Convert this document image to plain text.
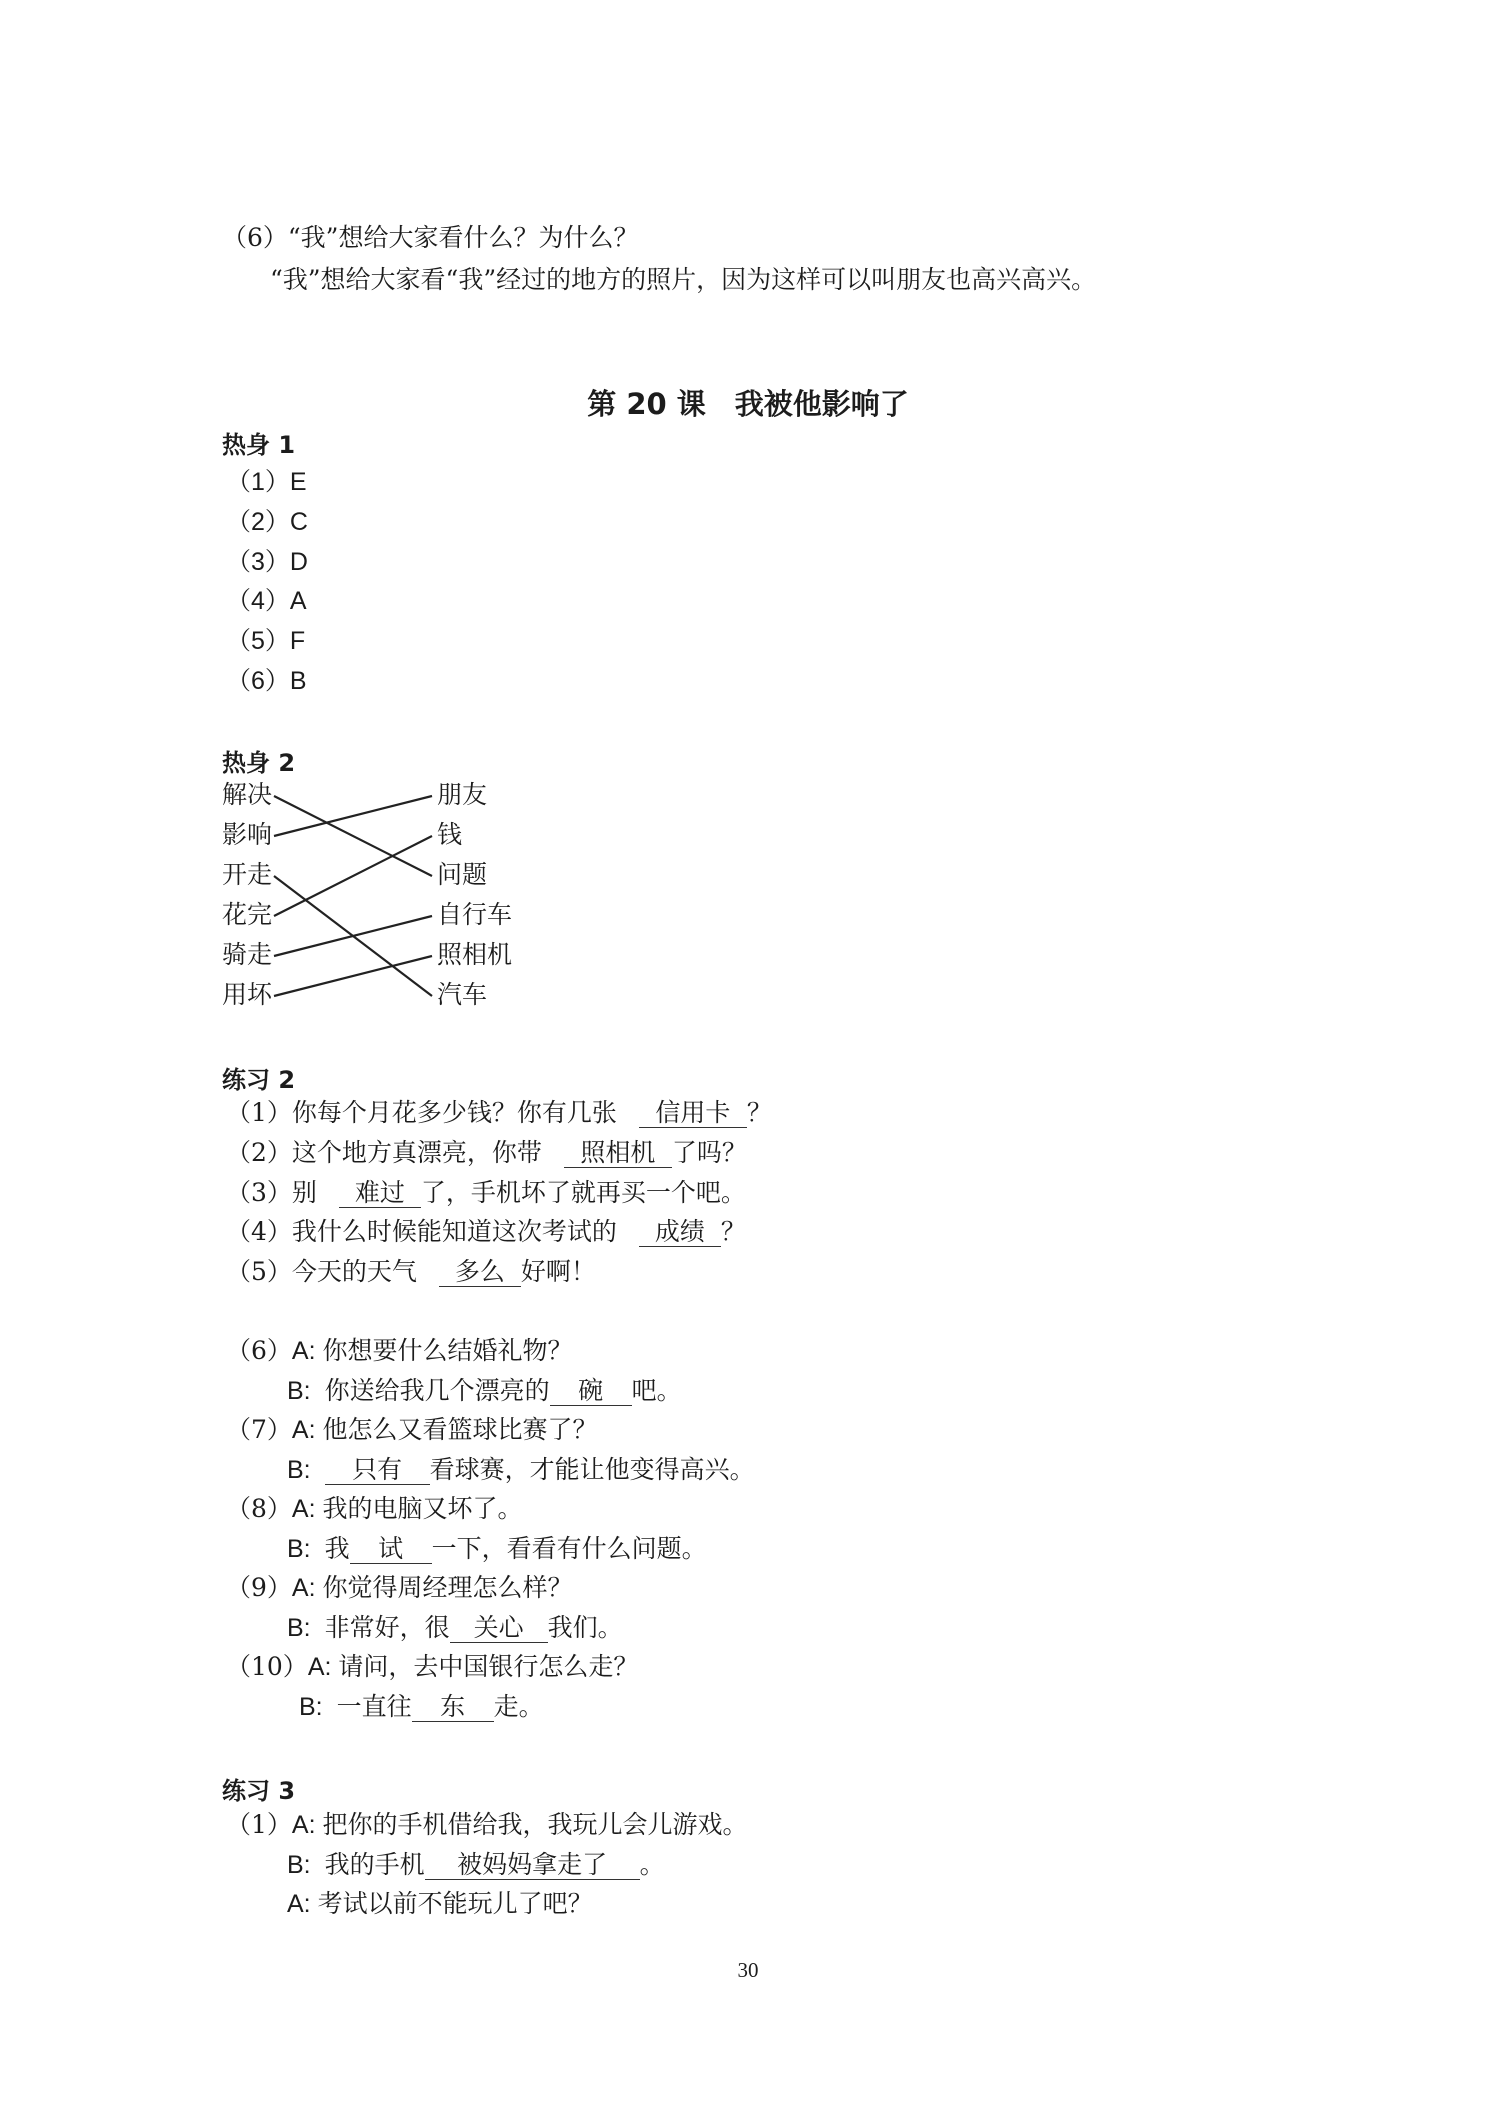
（6）“我”想给大家看什么？为什么？
“我”想给大家看“我”经过的地方的照片，因为这样可以叫朋友也高兴高兴。
第 20 课　我被他影响了
热身 1
（1）E
（2）C
（3）D
（4）A
（5）F
（6）B
热身 2
解决
影响
开走
花完
骑走
用坏
朋友
钱
问题
自行车
照相机
汽车
练习 2
（1）你每个月花多少钱？你有几张 信用卡 ？
（2）这个地方真漂亮，你带 照相机 了吗？
（3）别 难过 了，手机坏了就再买一个吧。
（4）我什么时候能知道这次考试的 成绩 ？
（5）今天的天气 多么 好啊！
（6）A: 你想要什么结婚礼物？
B: 你送给我几个漂亮的 碗 吧。
（7）A: 他怎么又看篮球比赛了？
B: 只有 看球赛，才能让他变得高兴。
（8）A: 我的电脑又坏了。
B: 我 试 一下，看看有什么问题。
（9）A: 你觉得周经理怎么样？
B: 非常好，很 关心 我们。
（10）A: 请问，去中国银行怎么走？
B: 一直往 东 走。
练习 3
（1）A: 把你的手机借给我，我玩儿会儿游戏。
B: 我的手机 被妈妈拿走了 。
A: 考试以前不能玩儿了吧？
30
